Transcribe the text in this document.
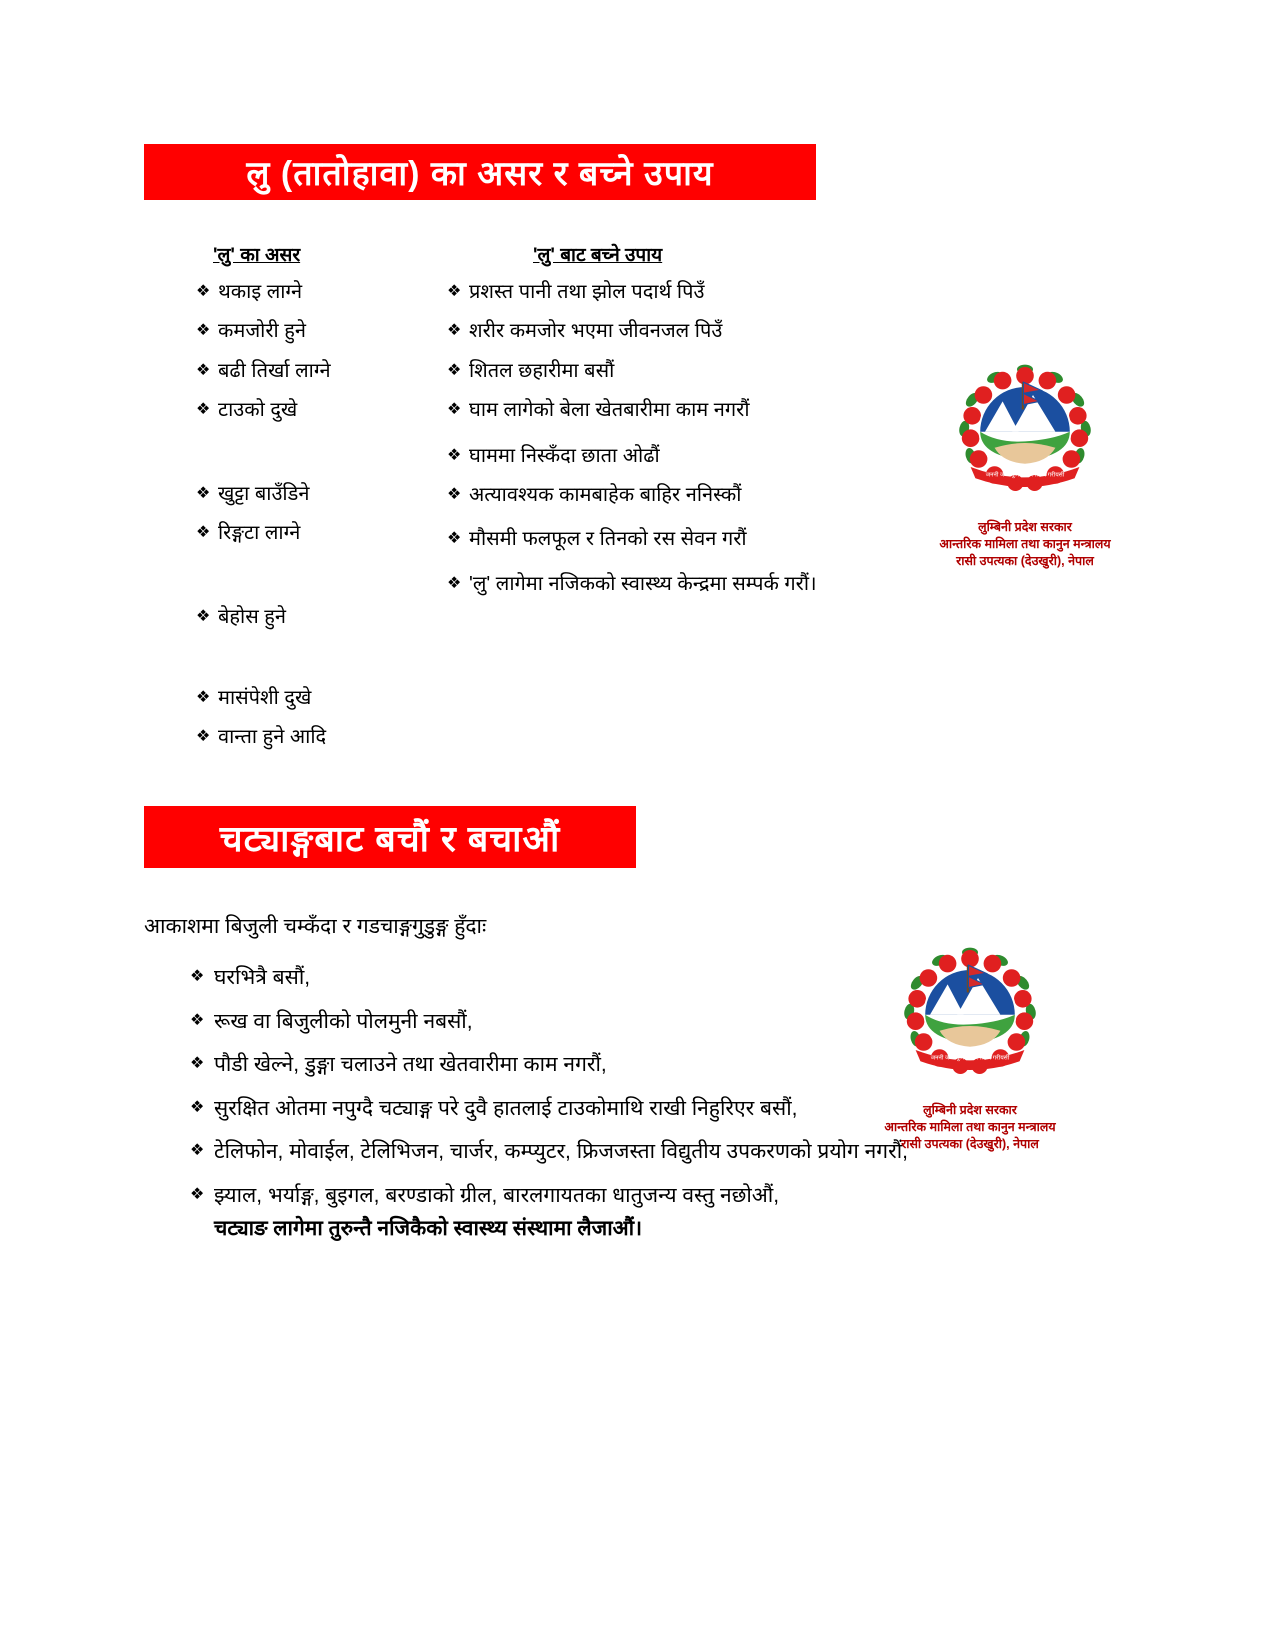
लु (तातोहावा) का असर र बच्ने उपाय
'लु' का असर	'लु' बाट बच्ने उपाय
❖ थकाइ लाग्ने
❖ कमजोरी हुने
❖ बढी तिर्खा लाग्ने
❖ टाउको दुखे
❖ खुट्टा बाउँडिने
❖ रिङ्गटा लाग्ने
❖ बेहोस हुने
❖ मासंपेशी दुखे
❖ वान्ता हुने आदि
❖ प्रशस्त पानी तथा झोल पदार्थ पिउँ
❖ शरीर कमजोर भएमा जीवनजल पिउँ
❖ शितल छहारीमा बसौं
❖ घाम लागेको बेला खेतबारीमा काम नगरौं
❖ घाममा निस्कँदा छाता ओढौं
❖ अत्यावश्यक कामबाहेक बाहिर ननिस्कौं
❖ मौसमी फलफूल र तिनको रस सेवन गरौं
❖ 'लु' लागेमा नजिकको स्वास्थ्य केन्द्रमा सम्पर्क गरौं।
जननी जन्मभूमिश्च स्वर्गादपि गरीयसी
लुम्बिनी प्रदेश सरकार
आन्तरिक मामिला तथा कानुन मन्त्रालय
रासी उपत्यका (देउखुरी), नेपाल
चट्याङ्गबाट बचौं र बचाऔं
आकाशमा बिजुली चम्कँदा र गडचाङ्गगुडुङ्ग हुँदाः
❖ घरभित्रै बसौं,
❖ रूख वा बिजुलीको पोलमुनी नबसौं,
❖ पौडी खेल्ने, डुङ्गा चलाउने तथा खेतवारीमा काम नगरौं,
❖ सुरक्षित ओतमा नपुग्दै चट्याङ्ग परे दुवै हातलाई टाउकोमाथि राखी निहुरिएर बसौं,
❖ टेलिफोन, मोवाईल, टेलिभिजन, चार्जर, कम्प्युटर, फ्रिजजस्ता विद्युतीय उपकरणको प्रयोग नगरौं,
❖ झ्याल, भर्याङ्ग, बुइगल, बरण्डाको ग्रील, बारलगायतका धातुजन्य वस्तु नछोऔं,
चट्याङ लागेमा तुरुन्तै नजिकैको स्वास्थ्य संस्थामा लैजाऔं।
जननी जन्मभूमिश्च स्वर्गादपि गरीयसी
लुम्बिनी प्रदेश सरकार
आन्तरिक मामिला तथा कानुन मन्त्रालय
रासी उपत्यका (देउखुरी), नेपाल
